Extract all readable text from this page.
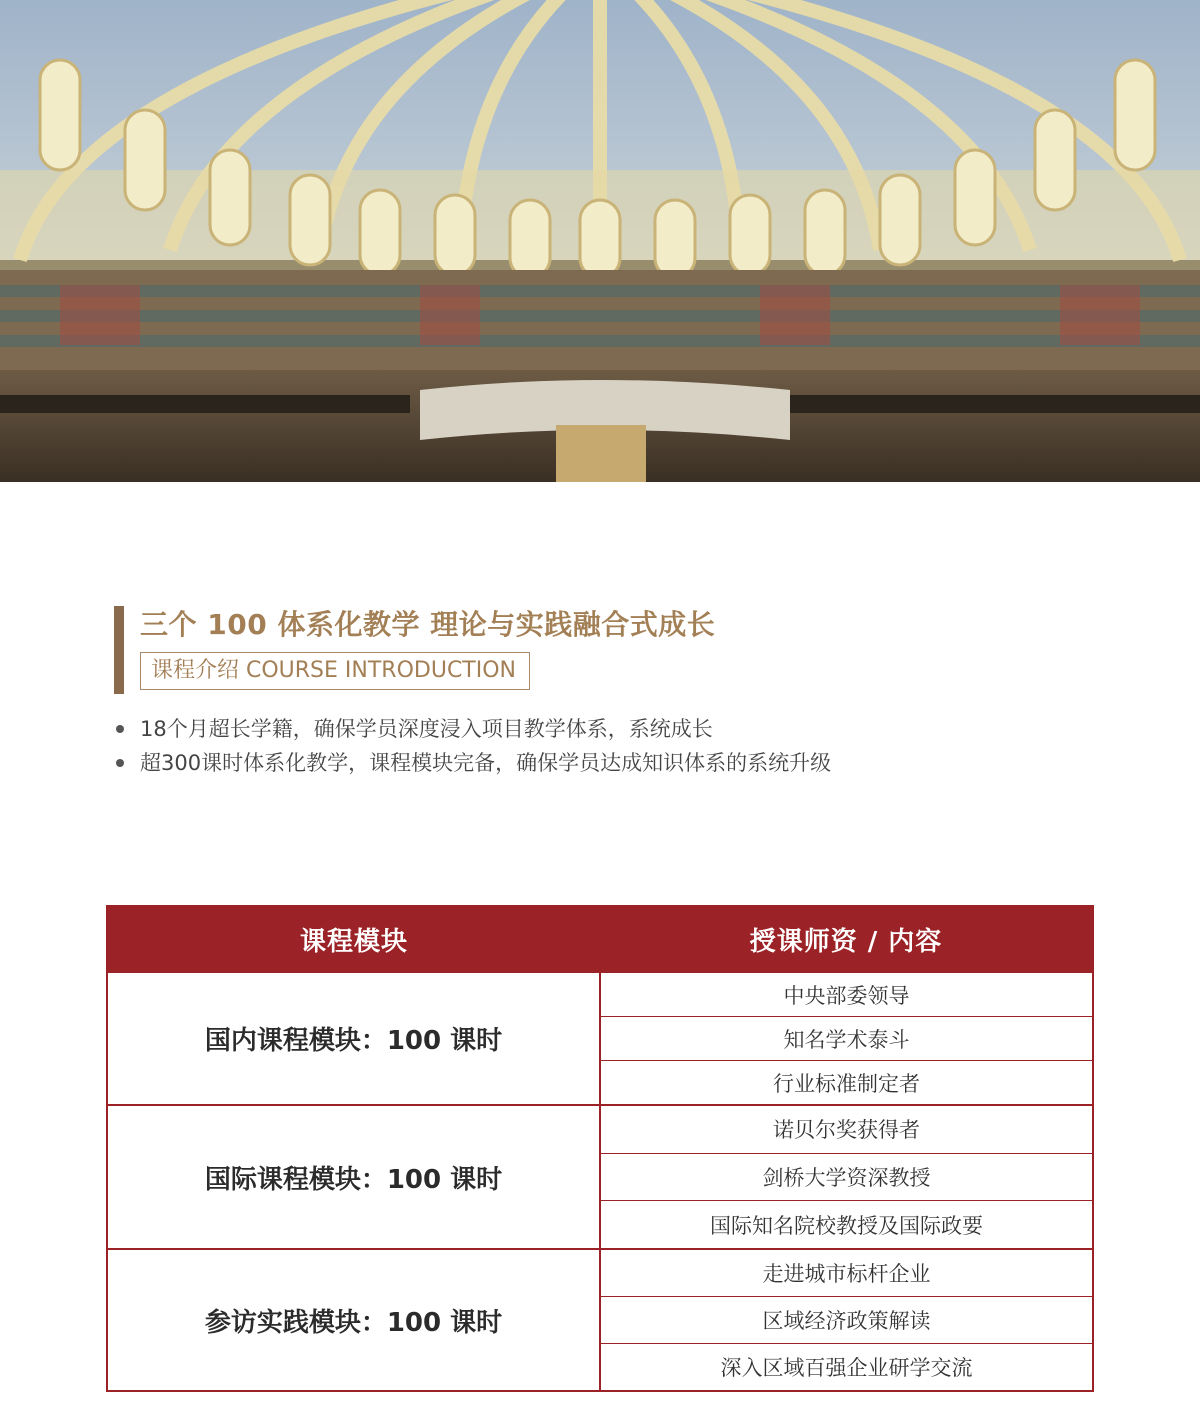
三个 100 体系化教学 理论与实践融合式成长
课程介绍 COURSE INTRODUCTION
18个月超长学籍，确保学员深度浸入项目教学体系，系统成长
超300课时体系化教学，课程模块完备，确保学员达成知识体系的系统升级
课程模块	授课师资 / 内容
国内课程模块：100 课时
中央部委领导
知名学术泰斗
行业标准制定者
国际课程模块：100 课时
诺贝尔奖获得者
剑桥大学资深教授
国际知名院校教授及国际政要
参访实践模块：100 课时
走进城市标杆企业
区域经济政策解读
深入区域百强企业研学交流
